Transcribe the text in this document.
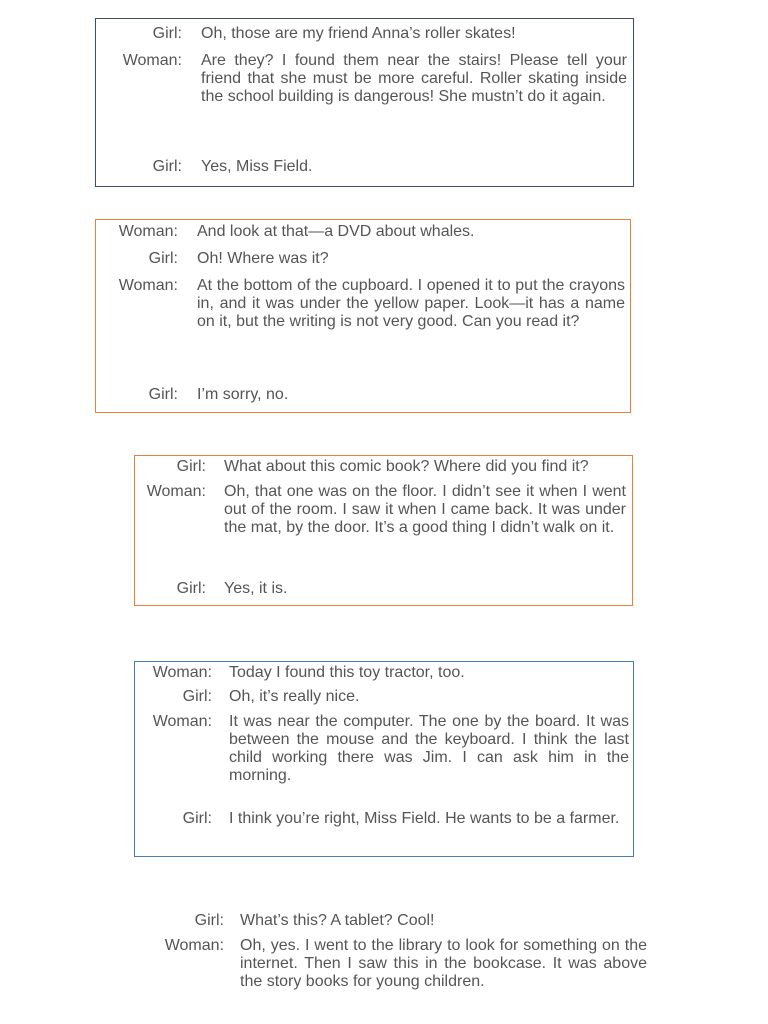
Girl: Oh, those are my friend Anna’s roller skates!
Woman: Are they? I found them near the stairs! Please tell your friend that she must be more careful. Roller skating inside the school building is dangerous! She mustn’t do it again.
Girl: Yes, Miss Field.
Woman: And look at that—a DVD about whales.
Girl: Oh! Where was it?
Woman: At the bottom of the cupboard. I opened it to put the crayons in, and it was under the yellow paper. Look—it has a name on it, but the writing is not very good. Can you read it?
Girl: I’m sorry, no.
Girl: What about this comic book? Where did you find it?
Woman: Oh, that one was on the floor. I didn’t see it when I went out of the room. I saw it when I came back. It was under the mat, by the door. It’s a good thing I didn’t walk on it.
Girl: Yes, it is.
Woman: Today I found this toy tractor, too.
Girl: Oh, it’s really nice.
Woman: It was near the computer. The one by the board. It was between the mouse and the keyboard. I think the last child working there was Jim. I can ask him in the morning.
Girl: I think you’re right, Miss Field. He wants to be a farmer.
Girl: What’s this? A tablet? Cool!
Woman: Oh, yes. I went to the library to look for something on the internet. Then I saw this in the bookcase. It was above the story books for young children.
